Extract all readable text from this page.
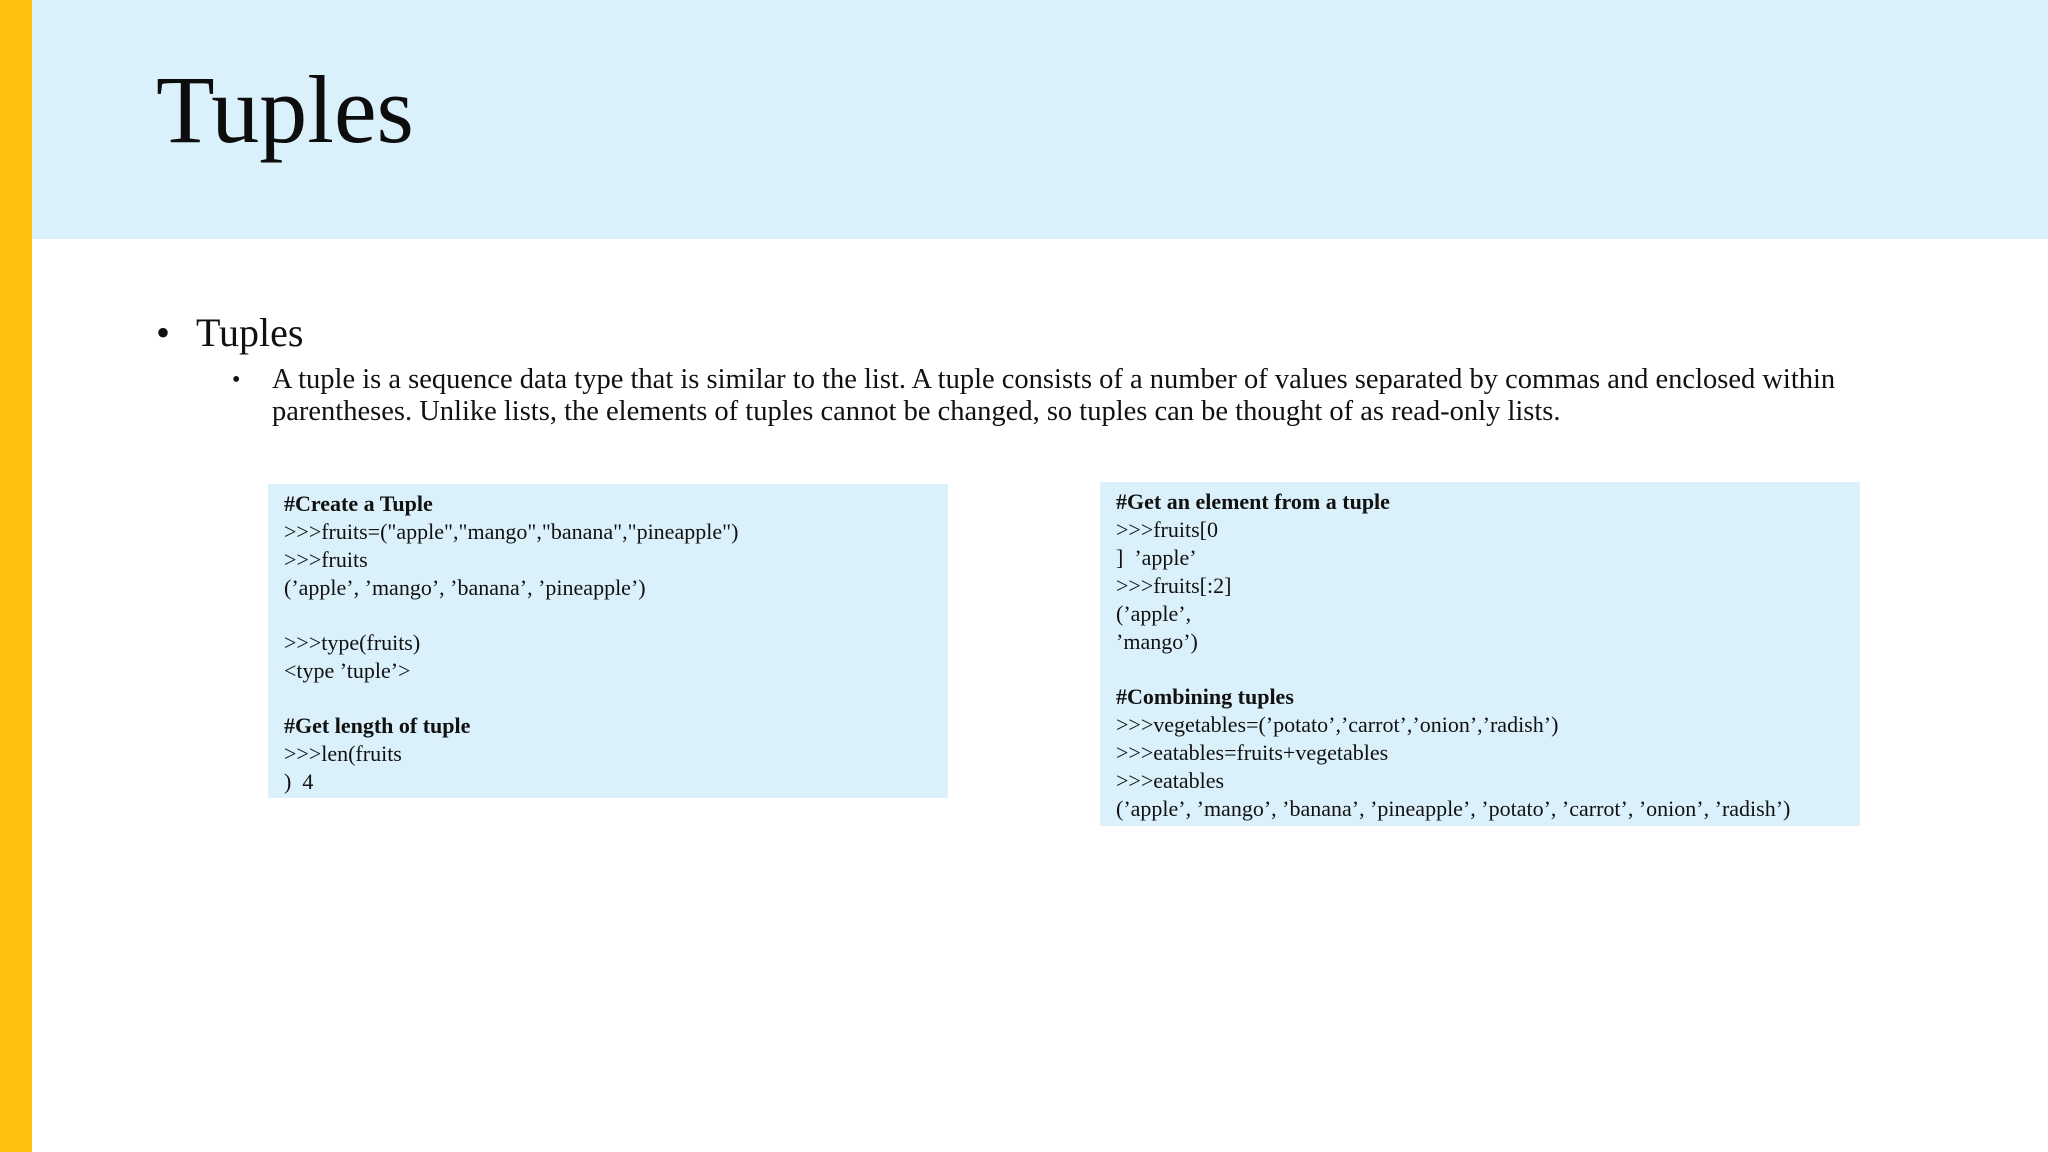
Tuples
• Tuples
• A tuple is a sequence data type that is similar to the list. A tuple consists of a number of values separated by commas and enclosed within parentheses. Unlike lists, the elements of tuples cannot be changed, so tuples can be thought of as read-only lists.
#Create a Tuple
>>>fruits=("apple","mango","banana","pineapple")
>>>fruits
(’apple’, ’mango’, ’banana’, ’pineapple’)
>>>type(fruits)
<type ’tuple’>
#Get length of tuple
>>>len(fruits
)  4
#Get an element from a tuple
>>>fruits[0
]  ’apple’
>>>fruits[:2]
(’apple’,
’mango’)
#Combining tuples
>>>vegetables=(’potato’,’carrot’,’onion’,’radish’)
>>>eatables=fruits+vegetables
>>>eatables
(’apple’, ’mango’, ’banana’, ’pineapple’, ’potato’, ’carrot’, ’onion’, ’radish’)
